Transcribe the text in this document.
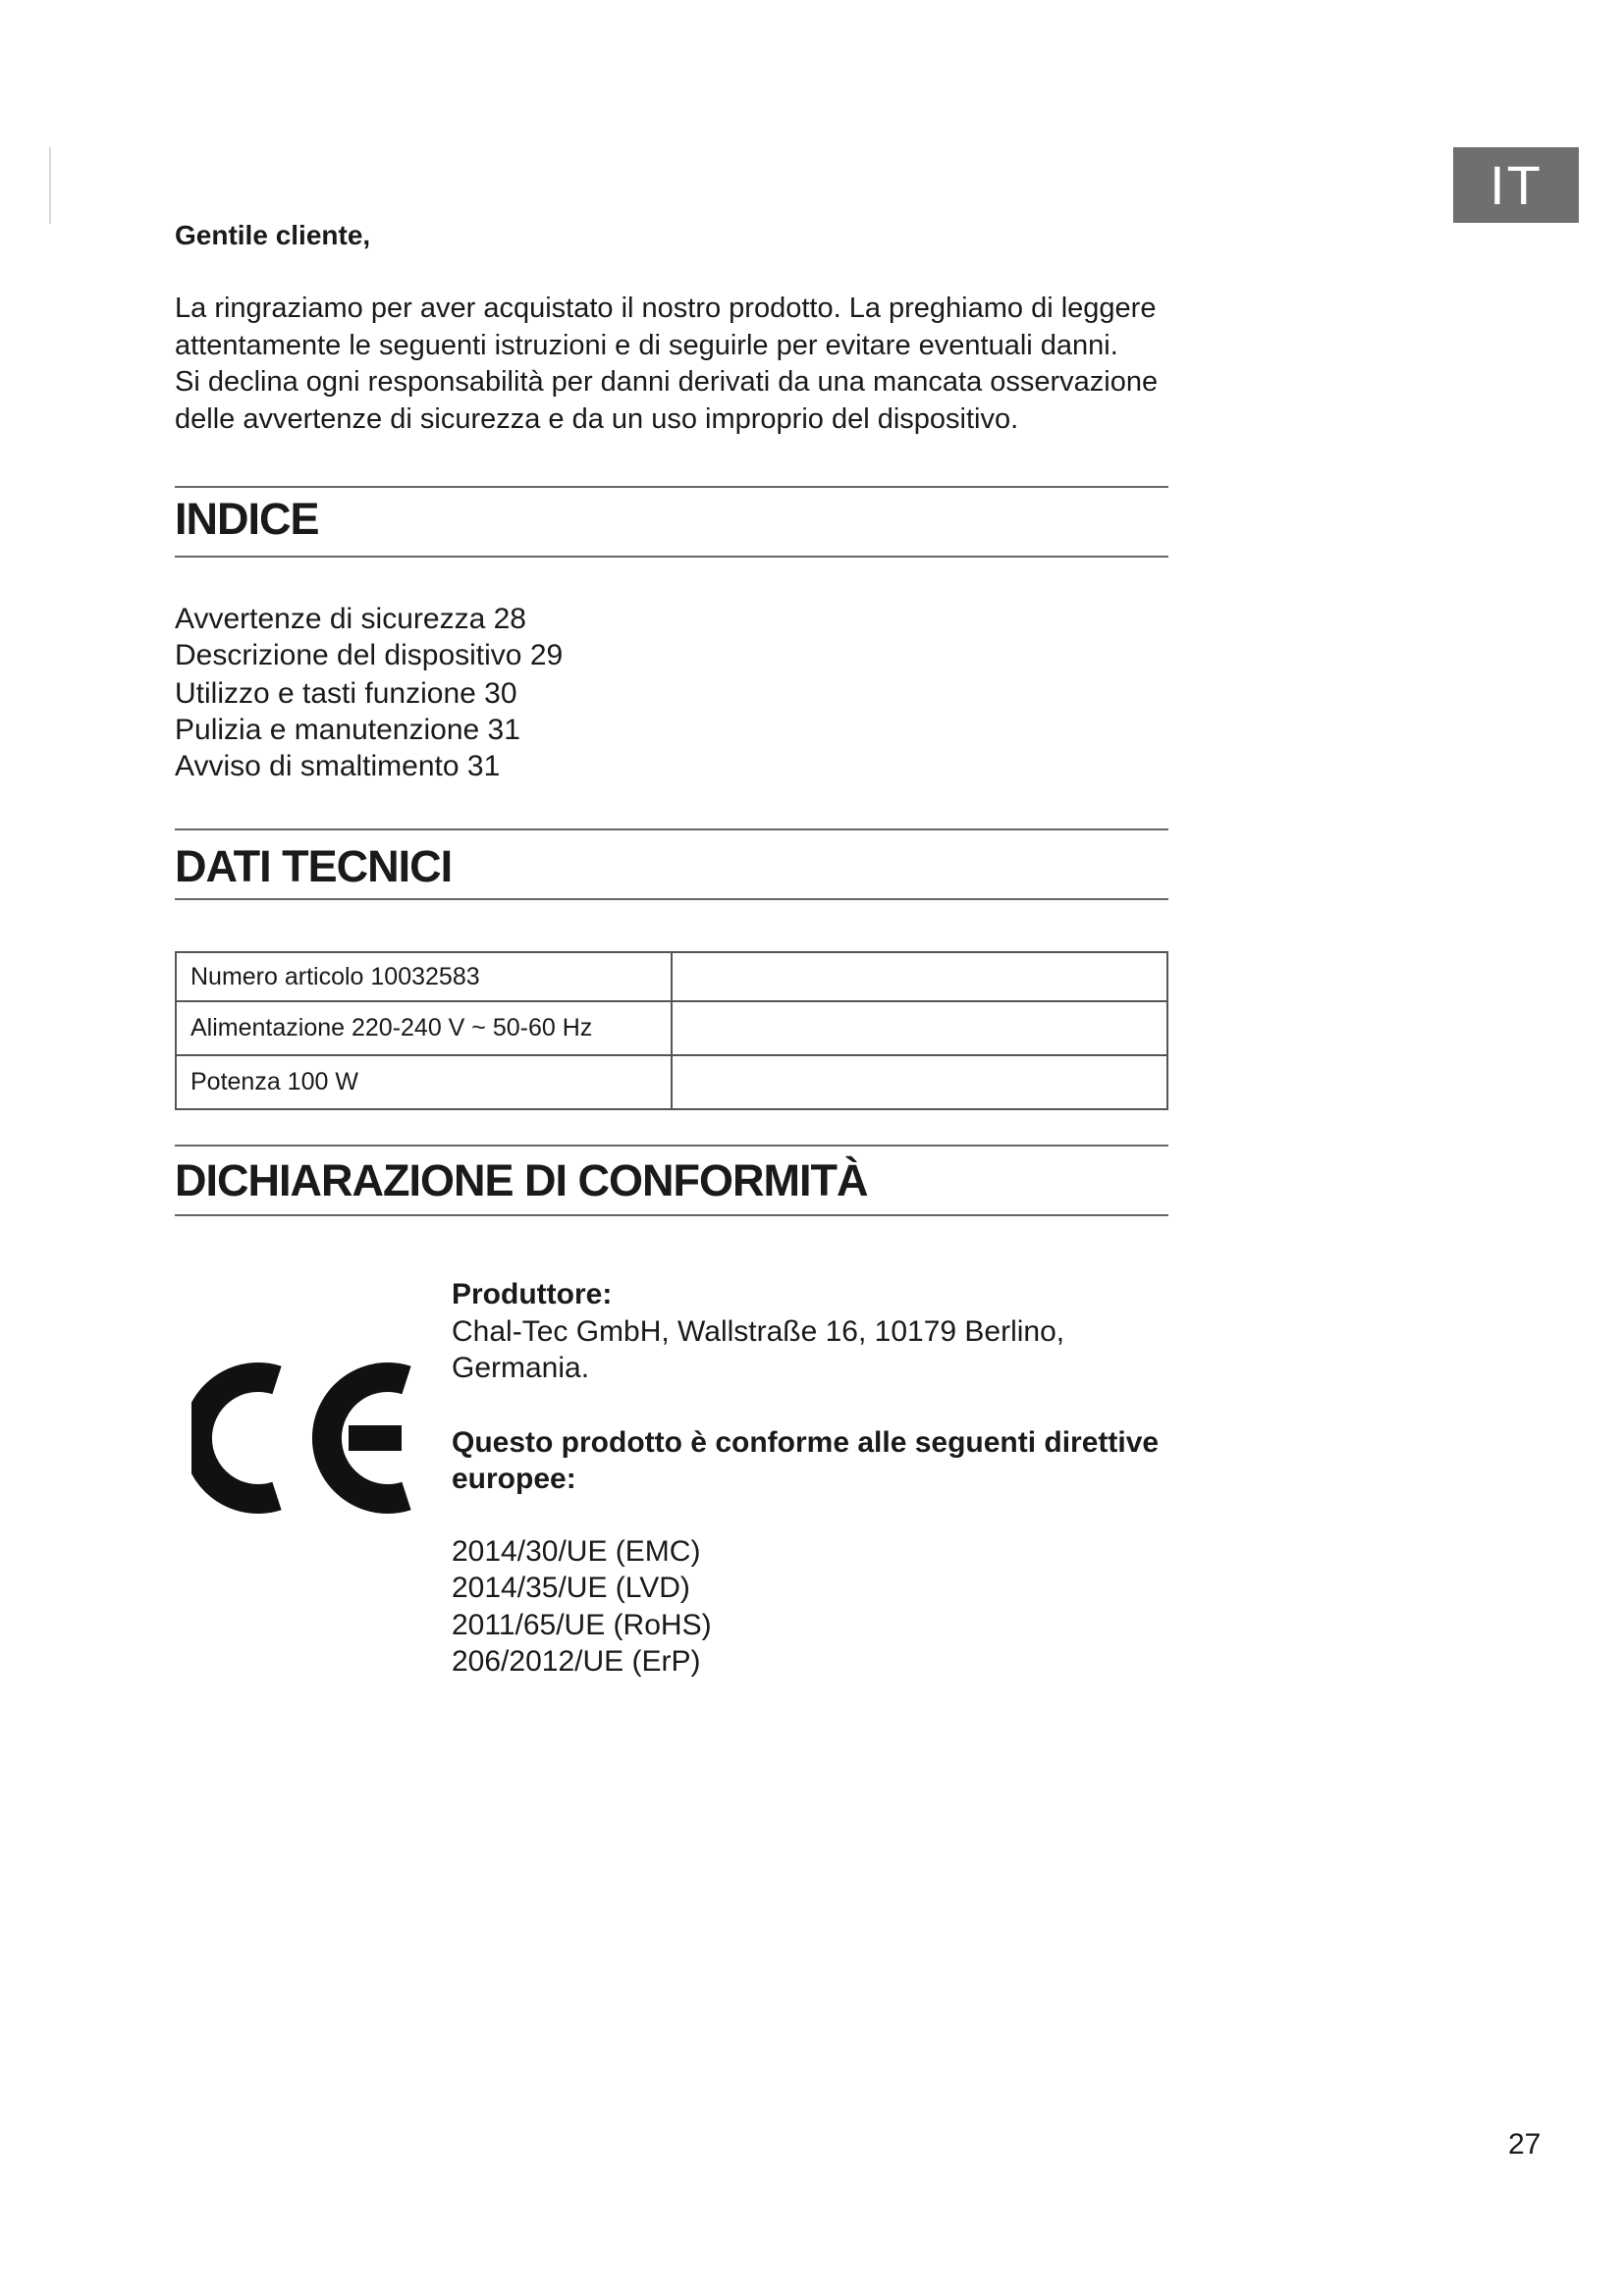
IT

Gentile cliente,

La ringraziamo per aver acquistato il nostro prodotto. La preghiamo di leggere
attentamente le seguenti istruzioni e di seguirle per evitare eventuali danni.
Si declina ogni responsabilità per danni derivati da una mancata osservazione
delle avvertenze di sicurezza e da un uso improprio del dispositivo.

INDICE
Avvertenze di sicurezza 28
Descrizione del dispositivo 29
Utilizzo e tasti funzione 30
Pulizia e manutenzione 31
Avviso di smaltimento 31
DATI TECNICI
Numero articolo 10032583	
Alimentazione 220-240 V ~ 50-60 Hz	
Potenza 100 W	
DICHIARAZIONE DI CONFORMITÀ

Produttore:

Chal-Tec GmbH, Wallstraße 16, 10179 Berlino,
Germania.

Questo prodotto è conforme alle seguenti direttive
europee:

2014/30/UE (EMC)

2014/35/UE (LVD)

2011/65/UE (RoHS)

206/2012/UE (ErP)

27
